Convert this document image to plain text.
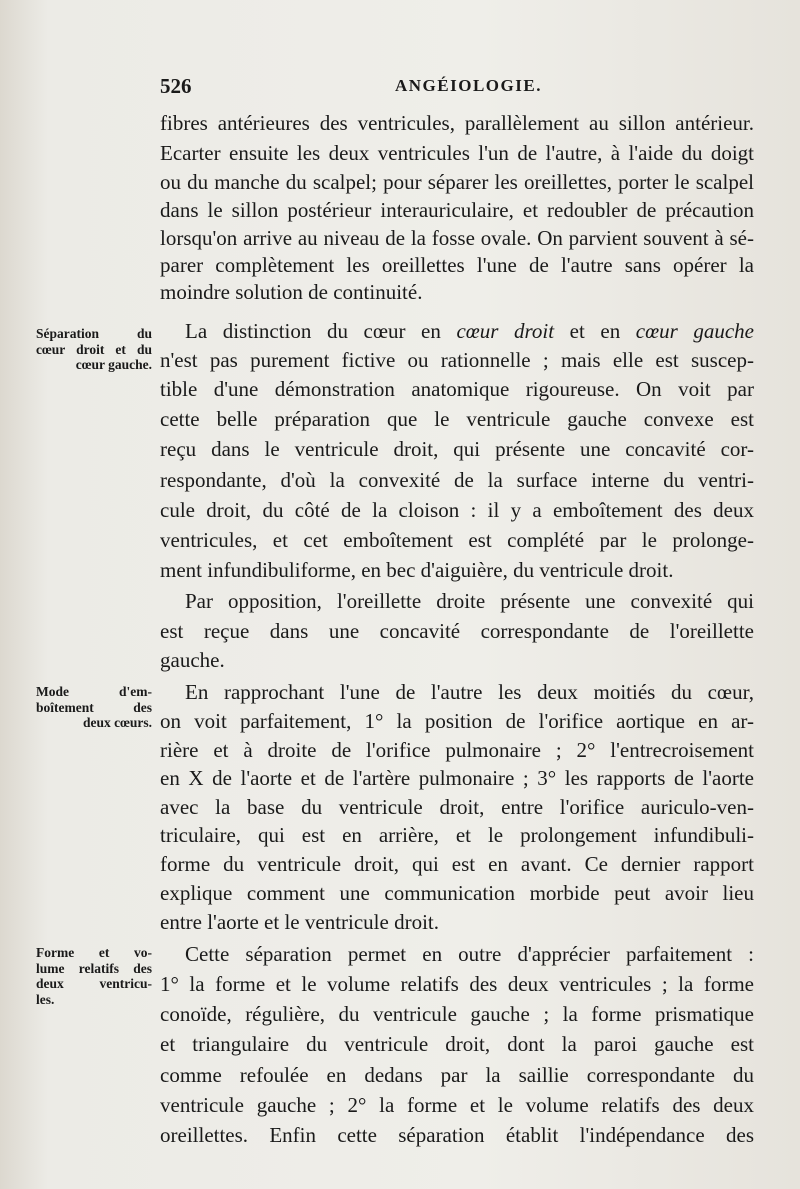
526	ANGÉIOLOGIE.
fibres antérieures des ventricules, parallèlement au sillon antérieur.
Ecarter ensuite les deux ventricules l'un de l'autre, à l'aide du doigt
ou du manche du scalpel; pour séparer les oreillettes, porter le scalpel
dans le sillon postérieur interauriculaire, et redoubler de précaution
lorsqu'on arrive au niveau de la fosse ovale. On parvient souvent à sé-
parer complètement les oreillettes l'une de l'autre sans opérer la
moindre solution de continuité.
La distinction du cœur en cœur droit et en cœur gauche
n'est pas purement fictive ou rationnelle ; mais elle est suscep-
tible d'une démonstration anatomique rigoureuse. On voit par
cette belle préparation que le ventricule gauche convexe est
reçu dans le ventricule droit, qui présente une concavité cor-
respondante, d'où la convexité de la surface interne du ventri-
cule droit, du côté de la cloison : il y a emboîtement des deux
ventricules, et cet emboîtement est complété par le prolonge-
ment infundibuliforme, en bec d'aiguière, du ventricule droit.
Par opposition, l'oreillette droite présente une convexité qui
est reçue dans une concavité correspondante de l'oreillette
gauche.
En rapprochant l'une de l'autre les deux moitiés du cœur,
on voit parfaitement, 1° la position de l'orifice aortique en ar-
rière et à droite de l'orifice pulmonaire ; 2° l'entrecroisement
en X de l'aorte et de l'artère pulmonaire ; 3° les rapports de l'aorte
avec la base du ventricule droit, entre l'orifice auriculo-ven-
triculaire, qui est en arrière, et le prolongement infundibuli-
forme du ventricule droit, qui est en avant. Ce dernier rapport
explique comment une communication morbide peut avoir lieu
entre l'aorte et le ventricule droit.
Cette séparation permet en outre d'apprécier parfaitement :
1° la forme et le volume relatifs des deux ventricules ; la forme
conoïde, régulière, du ventricule gauche ; la forme prismatique
et triangulaire du ventricule droit, dont la paroi gauche est
comme refoulée en dedans par la saillie correspondante du
ventricule gauche ; 2° la forme et le volume relatifs des deux
oreillettes. Enfin cette séparation établit l'indépendance des
Séparation du
cœur droit et du
cœur gauche.
Mode d'em-
boîtement des
deux cœurs.
Forme et vo-
lume relatifs des
deux ventricu-
les.
